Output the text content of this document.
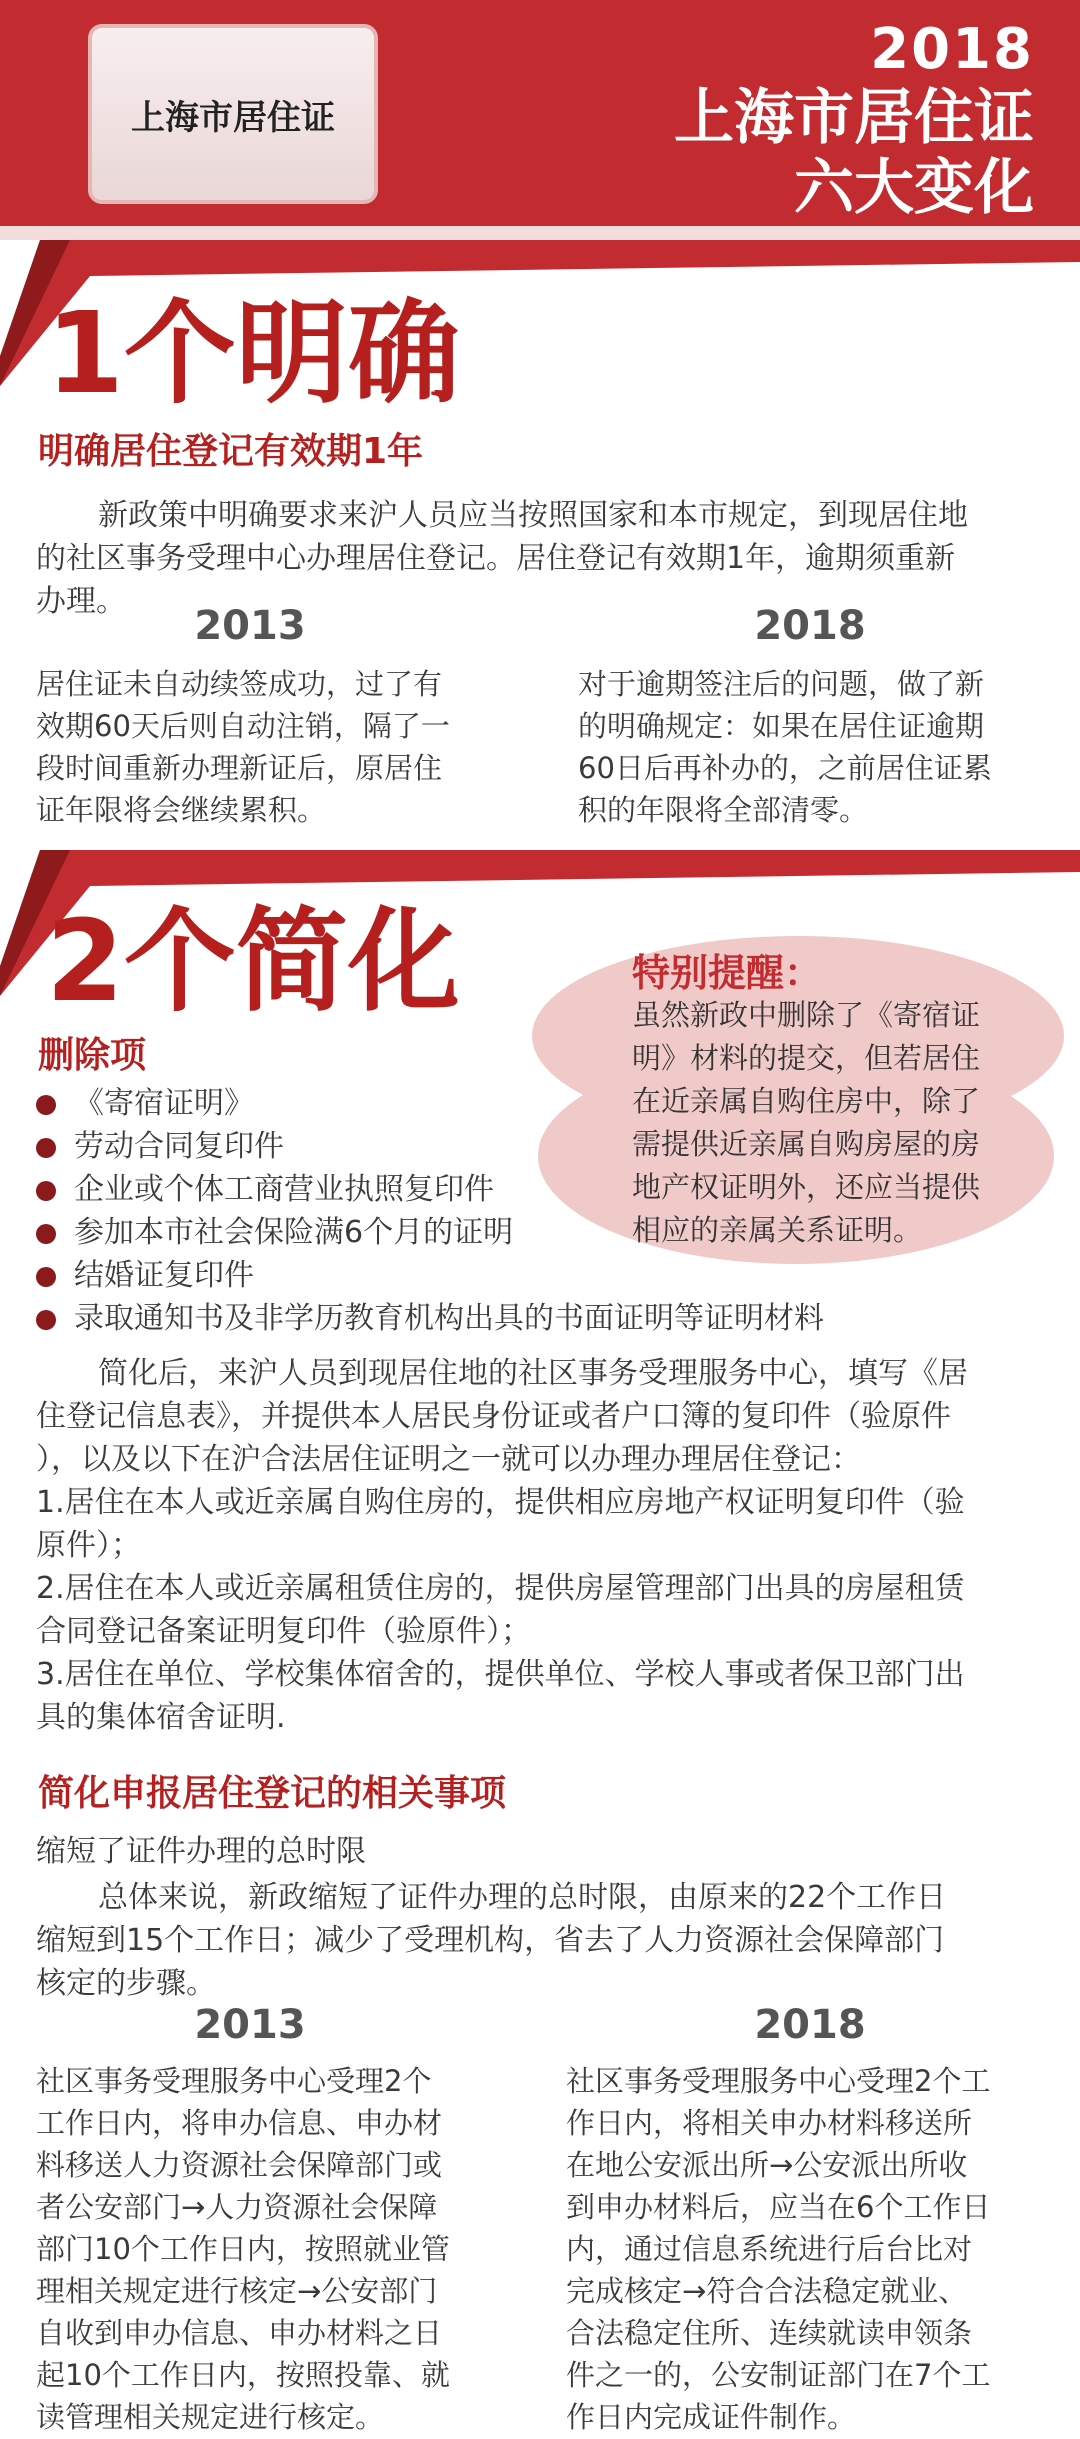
上海市居住证
2018
上海市居住证
六大变化
1个明确
明确居住登记有效期1年
新政策中明确要求来沪人员应当按照国家和本市规定，到现居住地
的社区事务受理中心办理居住登记。居住登记有效期1年，逾期须重新
办理。
2013	2018
居住证未自动续签成功，过了有
效期60天后则自动注销，隔了一
段时间重新办理新证后，原居住
证年限将会继续累积。
对于逾期签注后的问题，做了新
的明确规定：如果在居住证逾期
60日后再补办的，之前居住证累
积的年限将全部清零。
2个简化	特别提醒：
虽然新政中删除了《寄宿证
明》材料的提交，但若居住
在近亲属自购住房中，除了
需提供近亲属自购房屋的房
地产权证明外，还应当提供
相应的亲属关系证明。
删除项
《寄宿证明》
劳动合同复印件
企业或个体工商营业执照复印件
参加本市社会保险满6个月的证明
结婚证复印件
录取通知书及非学历教育机构出具的书面证明等证明材料
简化后，来沪人员到现居住地的社区事务受理服务中心，填写《居
住登记信息表》，并提供本人居民身份证或者户口簿的复印件（验原件
），以及以下在沪合法居住证明之一就可以办理办理居住登记：
1.居住在本人或近亲属自购住房的，提供相应房地产权证明复印件（验
原件）；
2.居住在本人或近亲属租赁住房的，提供房屋管理部门出具的房屋租赁
合同登记备案证明复印件（验原件）；
3.居住在单位、学校集体宿舍的，提供单位、学校人事或者保卫部门出
具的集体宿舍证明.
简化申报居住登记的相关事项
缩短了证件办理的总时限
总体来说，新政缩短了证件办理的总时限，由原来的22个工作日
缩短到15个工作日；减少了受理机构，省去了人力资源社会保障部门
核定的步骤。
2013	2018
社区事务受理服务中心受理2个
工作日内，将申办信息、申办材
料移送人力资源社会保障部门或
者公安部门→人力资源社会保障
部门10个工作日内，按照就业管
理相关规定进行核定→公安部门
自收到申办信息、申办材料之日
起10个工作日内，按照投靠、就
读管理相关规定进行核定。
社区事务受理服务中心受理2个工
作日内，将相关申办材料移送所
在地公安派出所→公安派出所收
到申办材料后，应当在6个工作日
内，通过信息系统进行后台比对
完成核定→符合合法稳定就业、
合法稳定住所、连续就读申领条
件之一的，公安制证部门在7个工
作日内完成证件制作。
